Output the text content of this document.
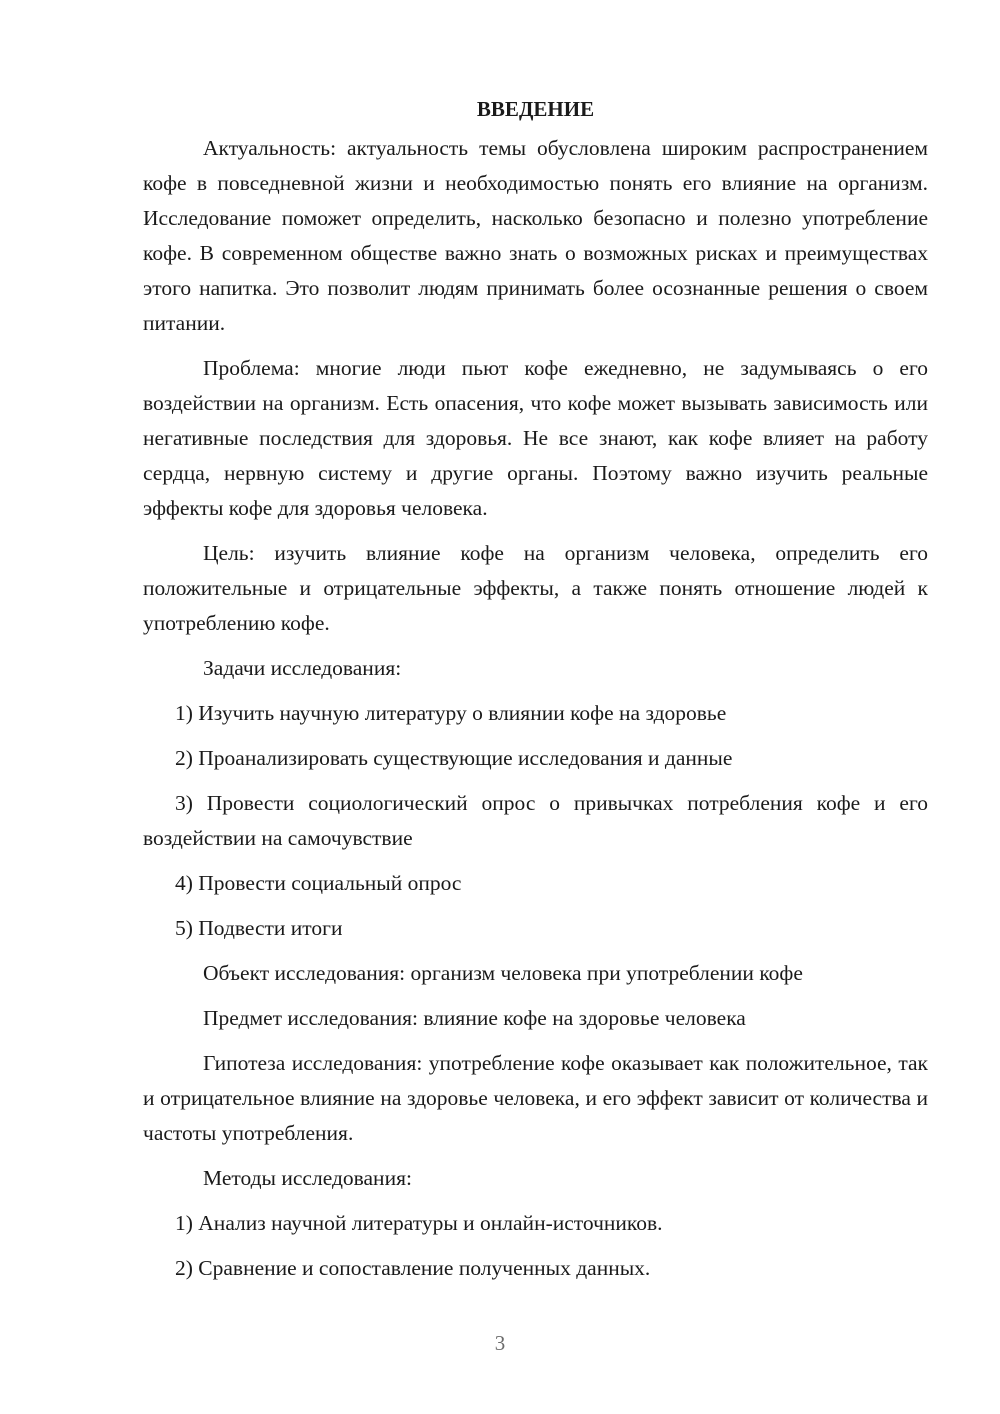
ВВЕДЕНИЕ

Актуальность: актуальность темы обусловлена широким распространением кофе в повседневной жизни и необходимостью понять его влияние на организм. Исследование поможет определить, насколько безопасно и полезно употребление кофе. В современном обществе важно знать о возможных рисках и преимуществах этого напитка. Это позволит людям принимать более осознанные решения о своем питании.

Проблема: многие люди пьют кофе ежедневно, не задумываясь о его воздействии на организм. Есть опасения, что кофе может вызывать зависимость или негативные последствия для здоровья. Не все знают, как кофе влияет на работу сердца, нервную систему и другие органы. Поэтому важно изучить реальные эффекты кофе для здоровья человека.

Цель: изучить влияние кофе на организм человека, определить его положительные и отрицательные эффекты, а также понять отношение людей к употреблению кофе.

Задачи исследования:

1) Изучить научную литературу о влиянии кофе на здоровье

2) Проанализировать существующие исследования и данные

3) Провести социологический опрос о привычках потребления кофе и его воздействии на самочувствие

4) Провести социальный опрос

5) Подвести итоги

Объект исследования: организм человека при употреблении кофе

Предмет исследования: влияние кофе на здоровье человека

Гипотеза исследования: употребление кофе оказывает как положительное, так и отрицательное влияние на здоровье человека, и его эффект зависит от количества и частоты употребления.

Методы исследования:

1) Анализ научной литературы и онлайн-источников.

2) Сравнение и сопоставление полученных данных.

3
